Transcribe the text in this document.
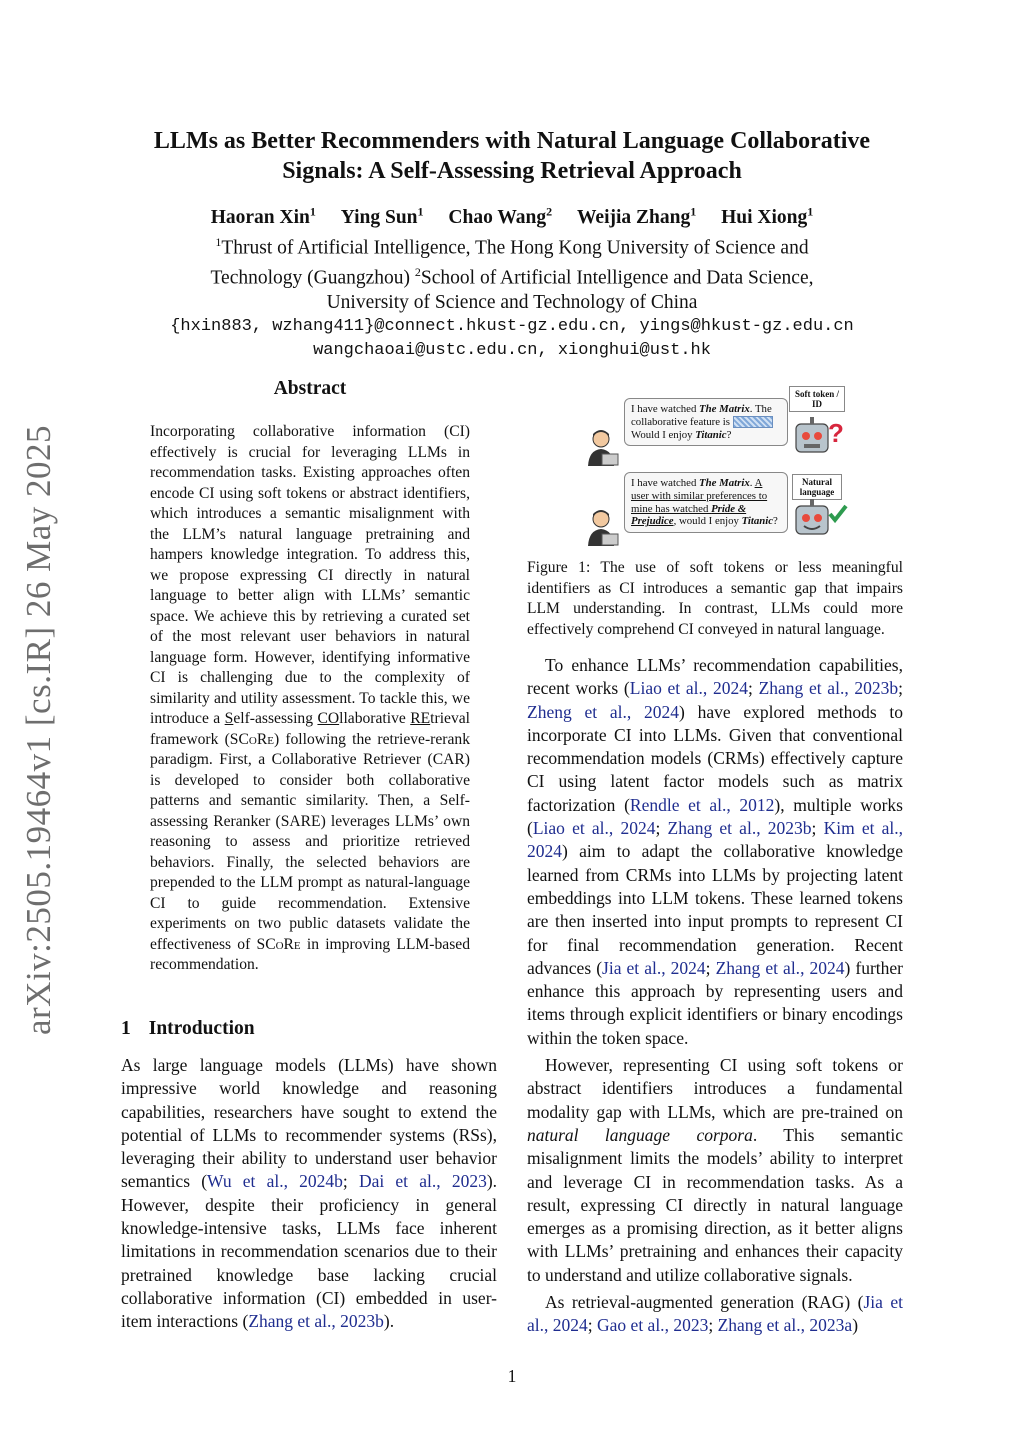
arXiv:2505.19464v1 [cs.IR] 26 May 2025
LLMs as Better Recommenders with Natural Language Collaborative
Signals: A Self-Assessing Retrieval Approach
Haoran Xin$^1$ Ying Sun$^1$ Chao Wang$^2$ Weijia Zhang$^1$ Hui Xiong$^1$
$^1$Thrust of Artificial Intelligence, The Hong Kong University of Science and
Technology (Guangzhou) $^2$School of Artificial Intelligence and Data Science,
University of Science and Technology of China
{hxin883, wzhang411}@connect.hkust-gz.edu.cn, yings@hkust-gz.edu.cn
wangchaoai@ustc.edu.cn, xionghui@ust.hk
Abstract
Incorporating collaborative information (CI) effectively is crucial for leveraging LLMs in recommendation tasks. Existing approaches often encode CI using soft tokens or abstract identifiers, which introduces a semantic misalignment with the LLM’s natural language pretraining and hampers knowledge integration. To address this, we propose expressing CI directly in natural language to better align with LLMs’ semantic space. We achieve this by retrieving a curated set of the most relevant user behaviors in natural language form. However, identifying informative CI is challenging due to the complexity of similarity and utility assessment. To tackle this, we introduce a Self-assessing COllaborative REtrieval framework (SCoRe) following the retrieve-rerank paradigm. First, a Collaborative Retriever (CAR) is developed to consider both collaborative patterns and semantic similarity. Then, a Self-assessing Reranker (SARE) leverages LLMs’ own reasoning to assess and prioritize retrieved behaviors. Finally, the selected behaviors are prepended to the LLM prompt as natural-language CI to guide recommendation. Extensive experiments on two public datasets validate the effectiveness of SCoRe in improving LLM-based recommendation.
1 Introduction

As large language models (LLMs) have shown impressive world knowledge and reasoning capabilities, researchers have sought to extend the potential of LLMs to recommender systems (RSs), leveraging their ability to understand user behavior semantics (Wu et al., 2024b; Dai et al., 2023). However, despite their proficiency in general knowledge-intensive tasks, LLMs face inherent limitations in recommendation scenarios due to their pretrained knowledge base lacking crucial collaborative information (CI) embedded in user-item interactions (Zhang et al., 2023b).

I have watched The Matrix. The collaborative feature is
Would I enjoy Titanic?
I have watched The Matrix. A user with similar preferences to mine has watched Pride & Prejudice, would I enjoy Titanic?
Soft token / ID
Natural language
?
Figure 1: The use of soft tokens or less meaningful identifiers as CI introduces a semantic gap that impairs LLM understanding. In contrast, LLMs could more effectively comprehend CI conveyed in natural language.

To enhance LLMs’ recommendation capabilities, recent works (Liao et al., 2024; Zhang et al., 2023b; Zheng et al., 2024) have explored methods to incorporate CI into LLMs. Given that conventional recommendation models (CRMs) effectively capture CI using latent factor models such as matrix factorization (Rendle et al., 2012), multiple works (Liao et al., 2024; Zhang et al., 2023b; Kim et al., 2024) aim to adapt the collaborative knowledge learned from CRMs into LLMs by projecting latent embeddings into LLM tokens. These learned tokens are then inserted into input prompts to represent CI for final recommendation generation. Recent advances (Jia et al., 2024; Zhang et al., 2024) further enhance this approach by representing users and items through explicit identifiers or binary encodings within the token space.

However, representing CI using soft tokens or abstract identifiers introduces a fundamental modality gap with LLMs, which are pre-trained on natural language corpora. This semantic misalignment limits the models’ ability to interpret and leverage CI in recommendation tasks. As a result, expressing CI directly in natural language emerges as a promising direction, as it better aligns with LLMs’ pretraining and enhances their capacity to understand and utilize collaborative signals.

As retrieval-augmented generation (RAG) (Jia et al., 2024; Gao et al., 2023; Zhang et al., 2023a)

1
